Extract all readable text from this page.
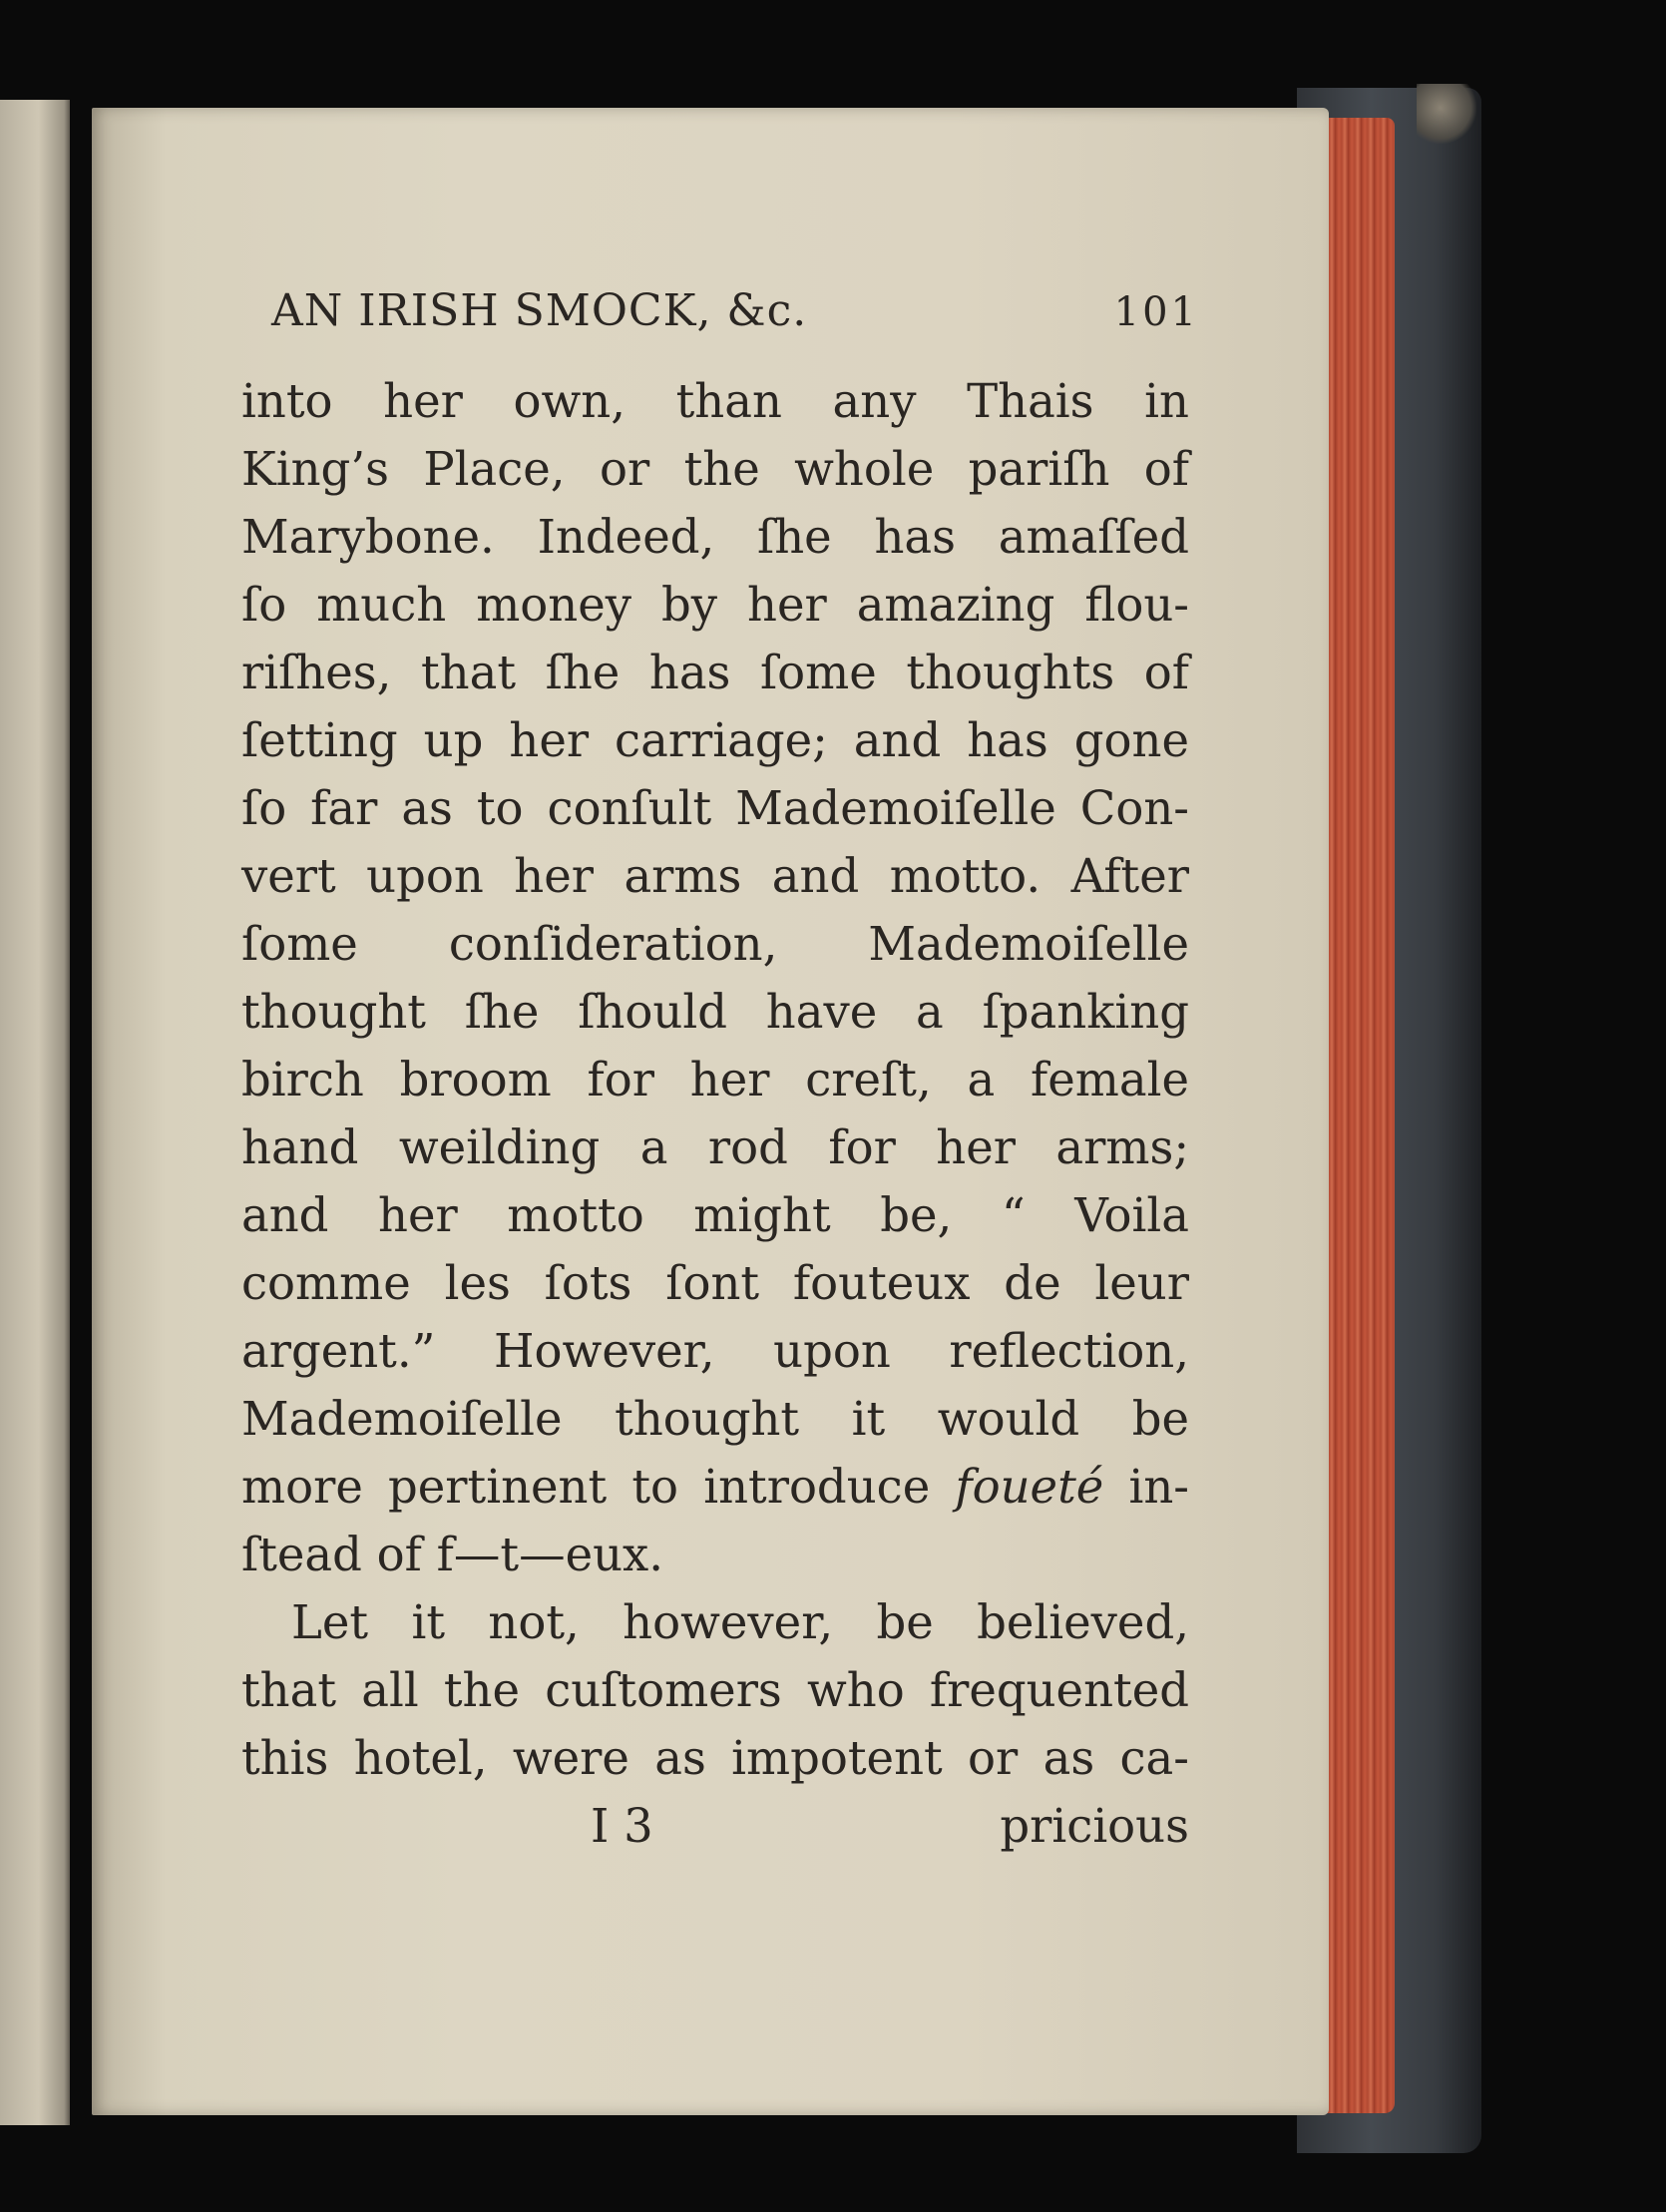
AN IRISH SMOCK, &c.	101
into her own, than any Thais in
King’s Place, or the whole pariſh of
Marybone. Indeed, ſhe has amaſſed
ſo much money by her amazing flou-
riſhes, that ſhe has ſome thoughts of
ſetting up her carriage; and has gone
ſo far as to conſult Mademoiſelle Con-
vert upon her arms and motto. After
ſome conſideration, Mademoiſelle
thought ſhe ſhould have a ſpanking
birch broom for her creſt, a female
hand weilding a rod for her arms;
and her motto might be, “ Voila
comme les ſots ſont fouteux de leur
argent.” However, upon reflection,
Mademoiſelle thought it would be
more pertinent to introduce foueté in-
ſtead of f—t—eux.
Let it not, however, be believed,
that all the cuſtomers who frequented
this hotel, were as impotent or as ca-
I 3	pricious
